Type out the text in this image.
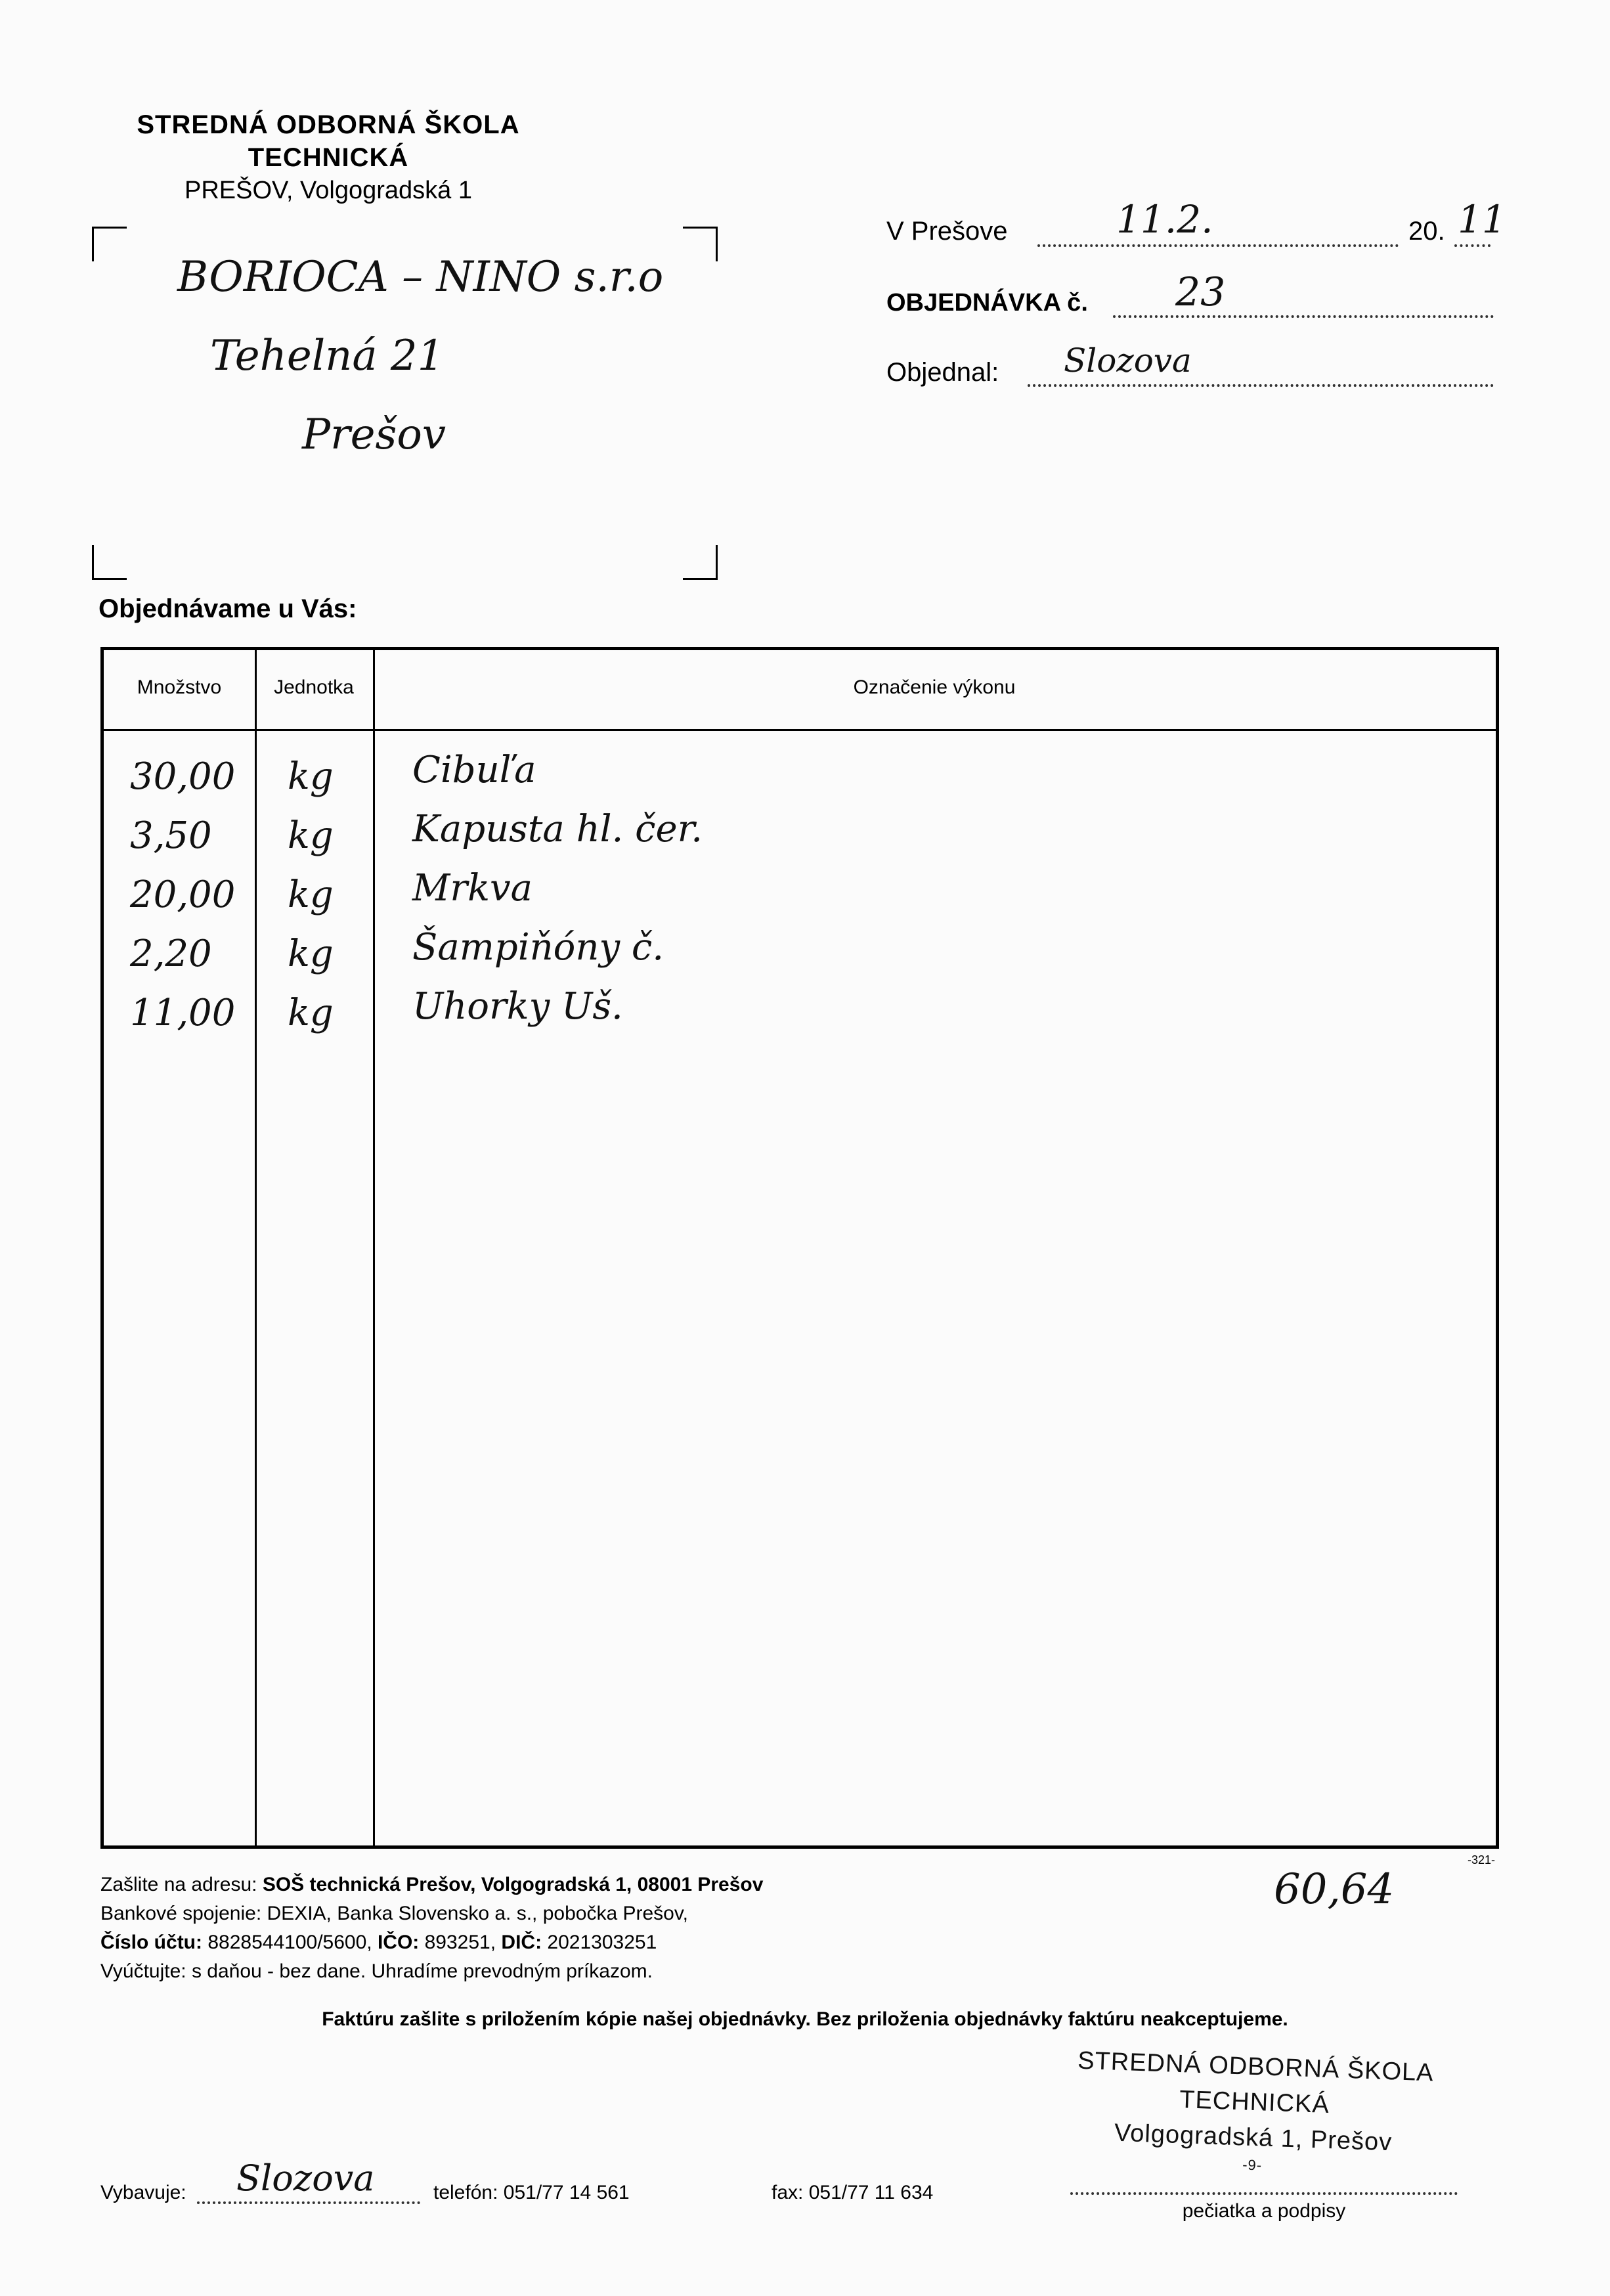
STREDNÁ ODBORNÁ ŠKOLA
TECHNICKÁ
PREŠOV, Volgogradská 1
BORIOCA – NINO s.r.o
Tehelná 21
Prešov
V Prešove	11.2.	20. 11
OBJEDNÁVKA č. 23
Objednal: Slozova
Objednávame u Vás:
Množstvo	Jednotka	Označenie výkonu
30,00 kg Cibuľa
3,50 kg Kapusta hl. čer.
20,00 kg Mrkva
2,20 kg Šampiňóny č.
11,00 kg Uhorky Uš.
-321-
60,64
Zašlite na adresu: SOŠ technická Prešov, Volgogradská 1, 08001 Prešov
Bankové spojenie: DEXIA, Banka Slovensko a. s., pobočka Prešov,
Číslo účtu: 8828544100/5600, IČO: 893251, DIČ: 2021303251
Vyúčtujte: s daňou - bez dane. Uhradíme prevodným príkazom.
Faktúru zašlite s priložením kópie našej objednávky. Bez priloženia objednávky faktúru neakceptujeme.
STREDNÁ ODBORNÁ ŠKOLA
TECHNICKÁ
Volgogradská 1, Prešov
-9-
Vybavuje: Slozova	telefón: 051/77 14 561	fax: 051/77 11 634
pečiatka a podpisy
